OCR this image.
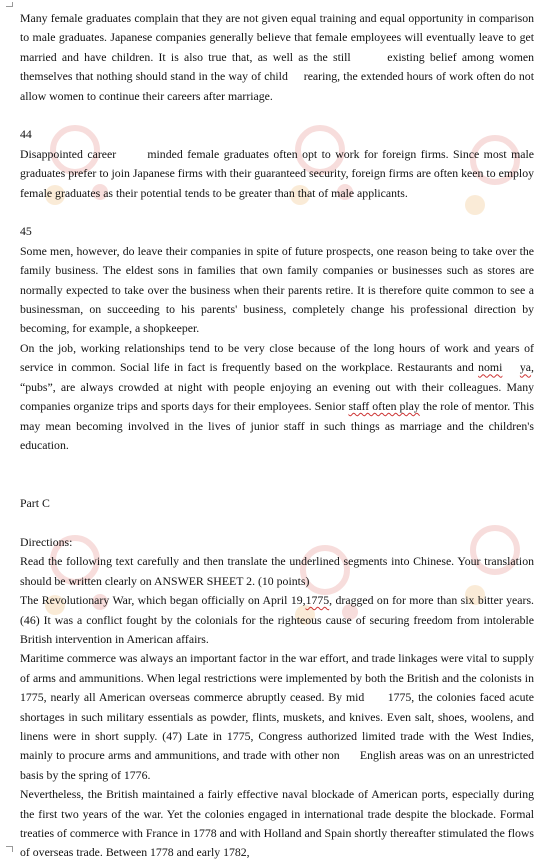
Many female graduates complain that they are not given equal training and equal opportunity in comparison to male graduates. Japanese companies generally believe that female employees will eventually leave to get married and have children. It is also true that, as well as the still       existing belief among women themselves that nothing should stand in the way of child     rearing, the extended hours of work often do not allow women to continue their careers after marriage.

44

Disappointed career       minded female graduates often opt to work for foreign firms. Since most male graduates prefer to join Japanese firms with their guaranteed security, foreign firms are often keen to employ female graduates as their potential tends to be greater than that of male applicants.

45

Some men, however, do leave their companies in spite of future prospects, one reason being to take over the family business. The eldest sons in families that own family companies or businesses such as stores are normally expected to take over the business when their parents retire. It is therefore quite common to see a businessman, on succeeding to his parents' business, completely change his professional direction by becoming, for example, a shopkeeper.

On the job, working relationships tend to be very close because of the long hours of work and years of service in common. Social life in fact is frequently based on the workplace. Restaurants and nomi ya, “pubs”, are always crowded at night with people enjoying an evening out with their colleagues. Many companies organize trips and sports days for their employees. Senior staff often play the role of mentor. This may mean becoming involved in the lives of junior staff in such things as marriage and the children's education.

Part C

Directions:

Read the following text carefully and then translate the underlined segments into Chinese. Your translation should be written clearly on ANSWER SHEET 2. (10 points)

The Revolutionary War, which began officially on April 19,1775, dragged on for more than six bitter years. (46) It was a conflict fought by the colonials for the righteous cause of securing freedom from intolerable British intervention in American affairs.

Maritime commerce was always an important factor in the war effort, and trade linkages were vital to supply of arms and ammunitions. When legal restrictions were implemented by both the British and the colonists in 1775, nearly all American overseas commerce abruptly ceased. By mid      1775, the colonies faced acute shortages in such military essentials as powder, flints, muskets, and knives. Even salt, shoes, woolens, and linens were in short supply. (47) Late in 1775, Congress authorized limited trade with the West Indies, mainly to procure arms and ammunitions, and trade with other non      English areas was on an unrestricted basis by the spring of 1776.

Nevertheless, the British maintained a fairly effective naval blockade of American ports, especially during the first two years of the war. Yet the colonies engaged in international trade despite the blockade. Formal treaties of commerce with France in 1778 and with Holland and Spain shortly thereafter stimulated the flows of overseas trade. Between 1778 and early 1782,
